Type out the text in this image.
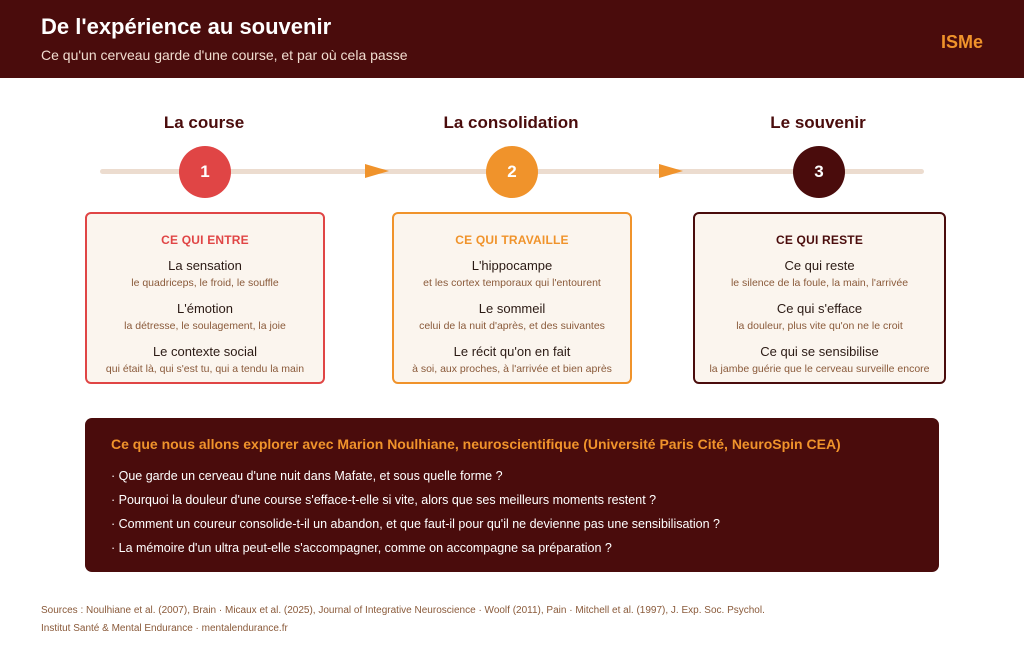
De l'expérience au souvenir
Ce qu'un cerveau garde d'une course, et par où cela passe
ISMe
La course
1
CE QUI ENTRE
La sensation
le quadriceps, le froid, le souffle
L'émotion
la détresse, le soulagement, la joie
Le contexte social
qui était là, qui s'est tu, qui a tendu la main
La consolidation
2
CE QUI TRAVAILLE
L'hippocampe
et les cortex temporaux qui l'entourent
Le sommeil
celui de la nuit d'après, et des suivantes
Le récit qu'on en fait
à soi, aux proches, à l'arrivée et bien après
Le souvenir
3
CE QUI RESTE
Ce qui reste
le silence de la foule, la main, l'arrivée
Ce qui s'efface
la douleur, plus vite qu'on ne le croit
Ce qui se sensibilise
la jambe guérie que le cerveau surveille encore
Ce que nous allons explorer avec Marion Noulhiane, neuroscientifique (Université Paris Cité, NeuroSpin CEA)
· Que garde un cerveau d'une nuit dans Mafate, et sous quelle forme ?
· Pourquoi la douleur d'une course s'efface-t-elle si vite, alors que ses meilleurs moments restent ?
· Comment un coureur consolide-t-il un abandon, et que faut-il pour qu'il ne devienne pas une sensibilisation ?
· La mémoire d'un ultra peut-elle s'accompagner, comme on accompagne sa préparation ?
Sources : Noulhiane et al. (2007), Brain · Micaux et al. (2025), Journal of Integrative Neuroscience · Woolf (2011), Pain · Mitchell et al. (1997), J. Exp. Soc. Psychol.
Institut Santé & Mental Endurance · mentalendurance.fr
